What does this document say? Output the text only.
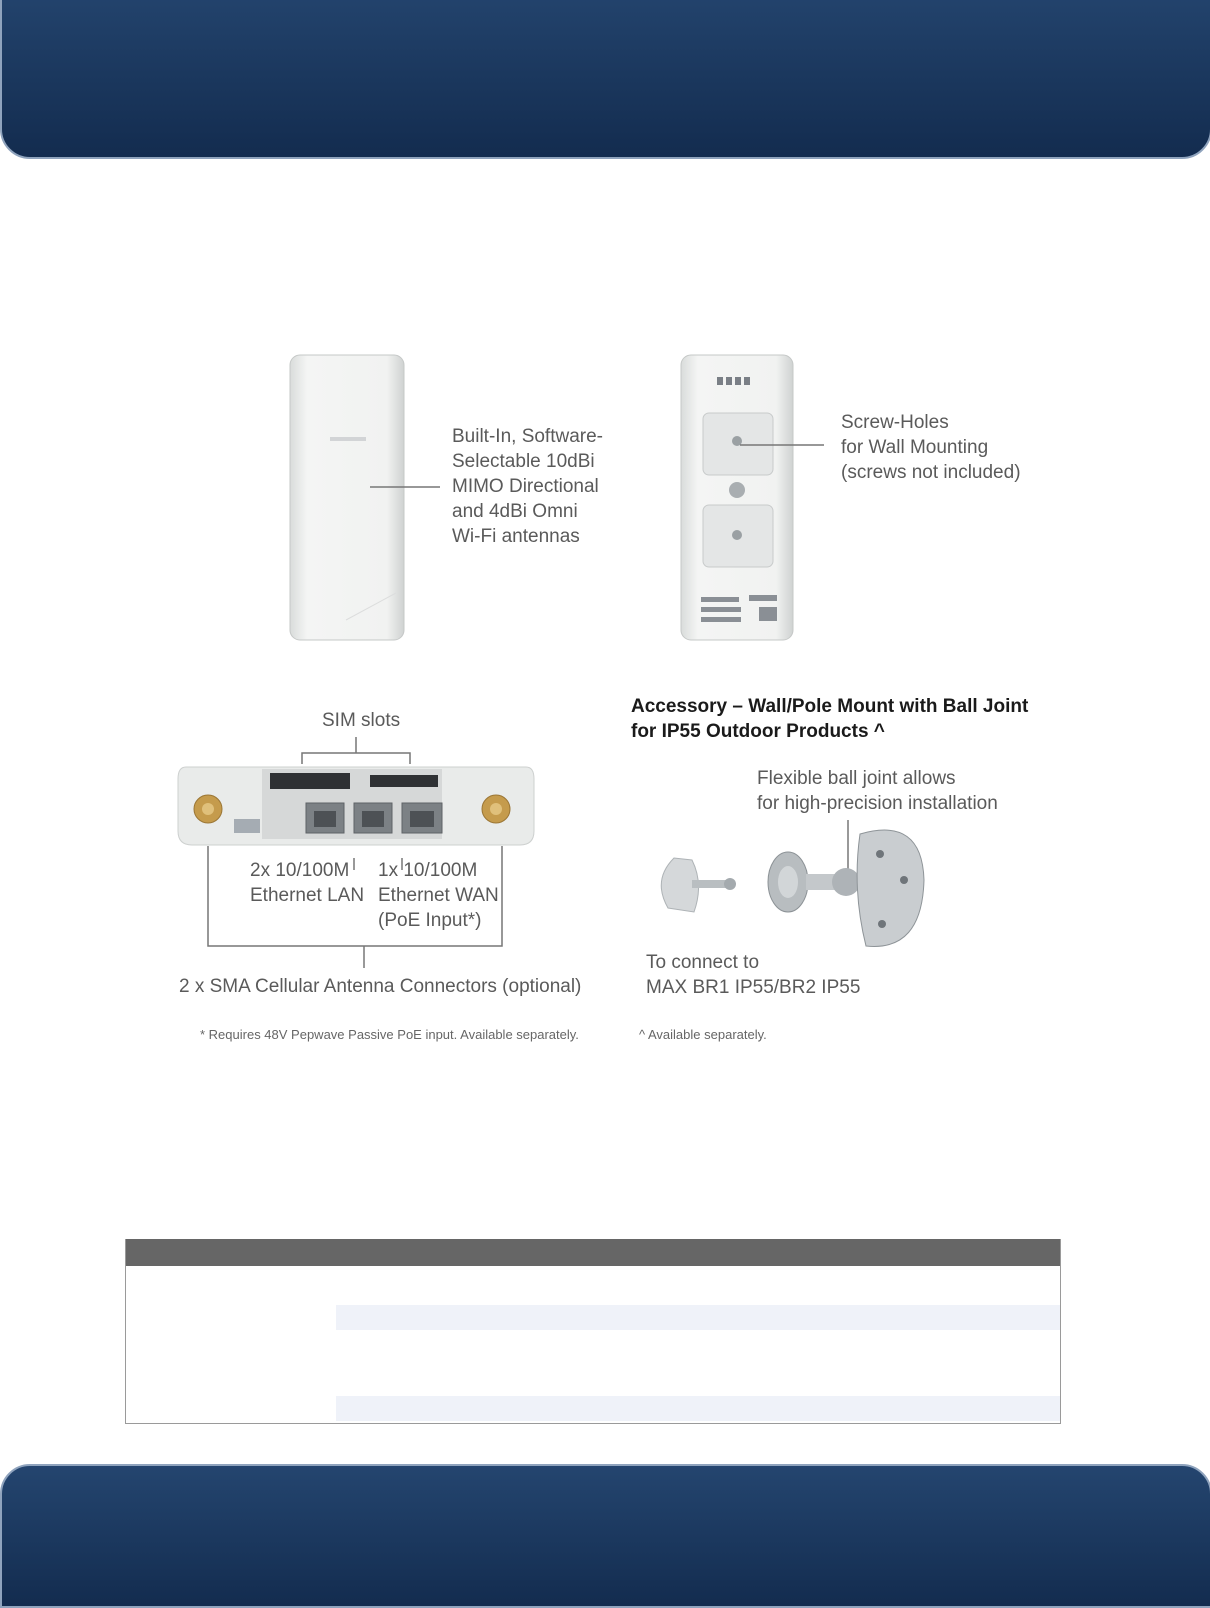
Built-In, Software-
Selectable 10dBi
MIMO Directional
and 4dBi Omni
Wi-Fi antennas
Screw-Holes
for Wall Mounting
(screws not included)
SIM slots
2x 10/100M
Ethernet LAN
1x 10/100M
Ethernet WAN
(PoE Input*)
2 x SMA Cellular Antenna Connectors (optional)
Accessory – Wall/Pole Mount with Ball Joint
for IP55 Outdoor Products ^
Flexible ball joint allows
for high-precision installation
To connect to
MAX BR1 IP55/BR2 IP55
* Requires 48V Pepwave Passive PoE input. Available separately.	^ Available separately.
